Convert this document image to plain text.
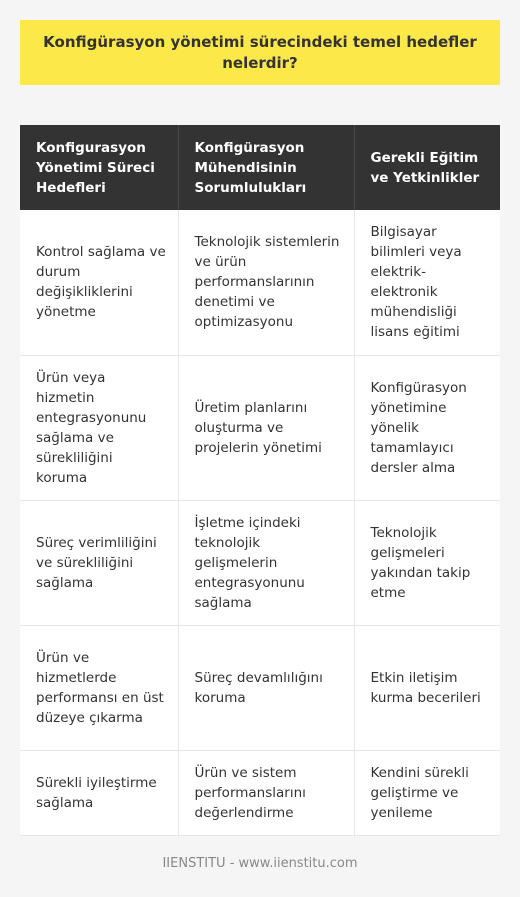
Konfigürasyon yönetimi sürecindeki temel hedefler nelerdir?
Konfigurasyon Yönetimi Süreci Hedefleri	Konfigürasyon Mühendisinin Sorumlulukları	Gerekli Eğitim ve Yetkinlikler
Kontrol sağlama ve durum değişikliklerini yönetme	Teknolojik sistemlerin ve ürün performanslarının denetimi ve optimizasyonu	Bilgisayar bilimleri veya elektrik-elektronik mühendisliği lisans eğitimi
Ürün veya hizmetin entegrasyonunu sağlama ve sürekliliğini koruma	Üretim planlarını oluşturma ve projelerin yönetimi	Konfigürasyon yönetimine yönelik tamamlayıcı dersler alma
Süreç verimliliğini ve sürekliliğini sağlama	İşletme içindeki teknolojik gelişmelerin entegrasyonunu sağlama	Teknolojik gelişmeleri yakından takip etme
Ürün ve hizmetlerde performansı en üst düzeye çıkarma	Süreç devamlılığını koruma	Etkin iletişim kurma becerileri
Sürekli iyileştirme sağlama	Ürün ve sistem performanslarını değerlendirme	Kendini sürekli geliştirme ve yenileme
IIENSTITU - www.iienstitu.com
